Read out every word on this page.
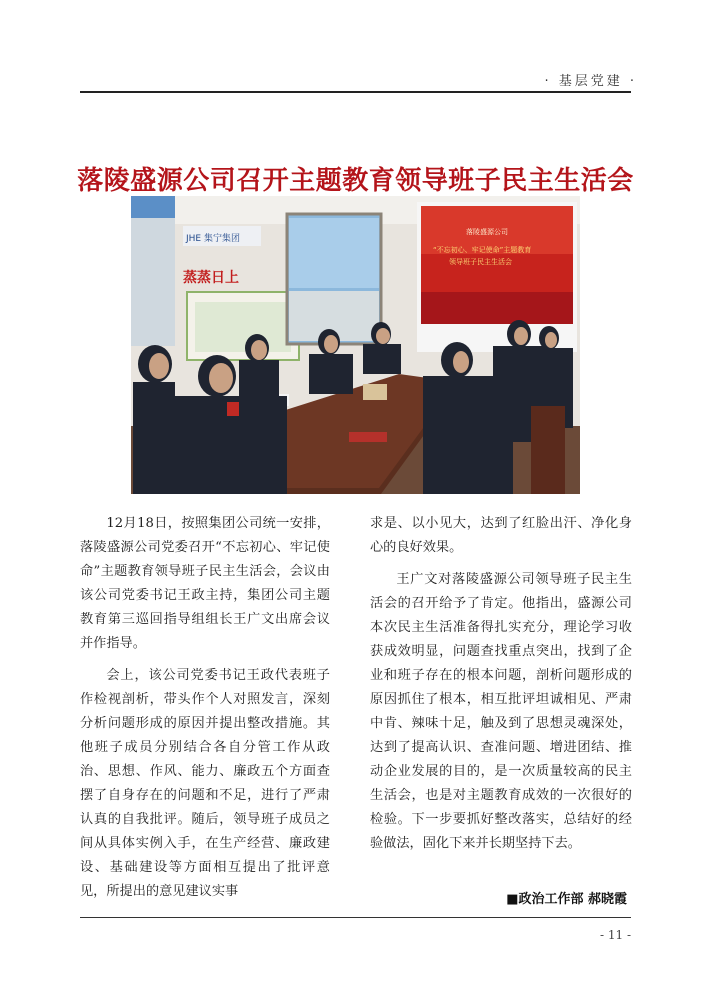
· 基层党建 ·
落陵盛源公司召开主题教育领导班子民主生活会
JHE 集宁集团
蒸蒸日上
落陵盛源公司
“不忘初心、牢记使命”主题教育
领导班子民主生活会

12月18日，按照集团公司统一安排，落陵盛源公司党委召开“不忘初心、牢记使命”主题教育领导班子民主生活会，会议由该公司党委书记王政主持，集团公司主题教育第三巡回指导组组长王广文出席会议并作指导。

会上，该公司党委书记王政代表班子作检视剖析，带头作个人对照发言，深刻分析问题形成的原因并提出整改措施。其他班子成员分别结合各自分管工作从政治、思想、作风、能力、廉政五个方面查摆了自身存在的问题和不足，进行了严肃认真的自我批评。随后，领导班子成员之间从具体实例入手，在生产经营、廉政建设、基础建设等方面相互提出了批评意见，所提出的意见建议实事

求是、以小见大，达到了红脸出汗、净化身心的良好效果。

王广文对落陵盛源公司领导班子民主生活会的召开给予了肯定。他指出，盛源公司本次民主生活准备得扎实充分，理论学习收获成效明显，问题查找重点突出，找到了企业和班子存在的根本问题，剖析问题形成的原因抓住了根本，相互批评坦诚相见、严肃中肯、辣味十足，触及到了思想灵魂深处，达到了提高认识、查准问题、增进团结、推动企业发展的目的，是一次质量较高的民主生活会，也是对主题教育成效的一次很好的检验。下一步要抓好整改落实，总结好的经验做法，固化下来并长期坚持下去。

■政治工作部 郝晓霞
- 11 -
